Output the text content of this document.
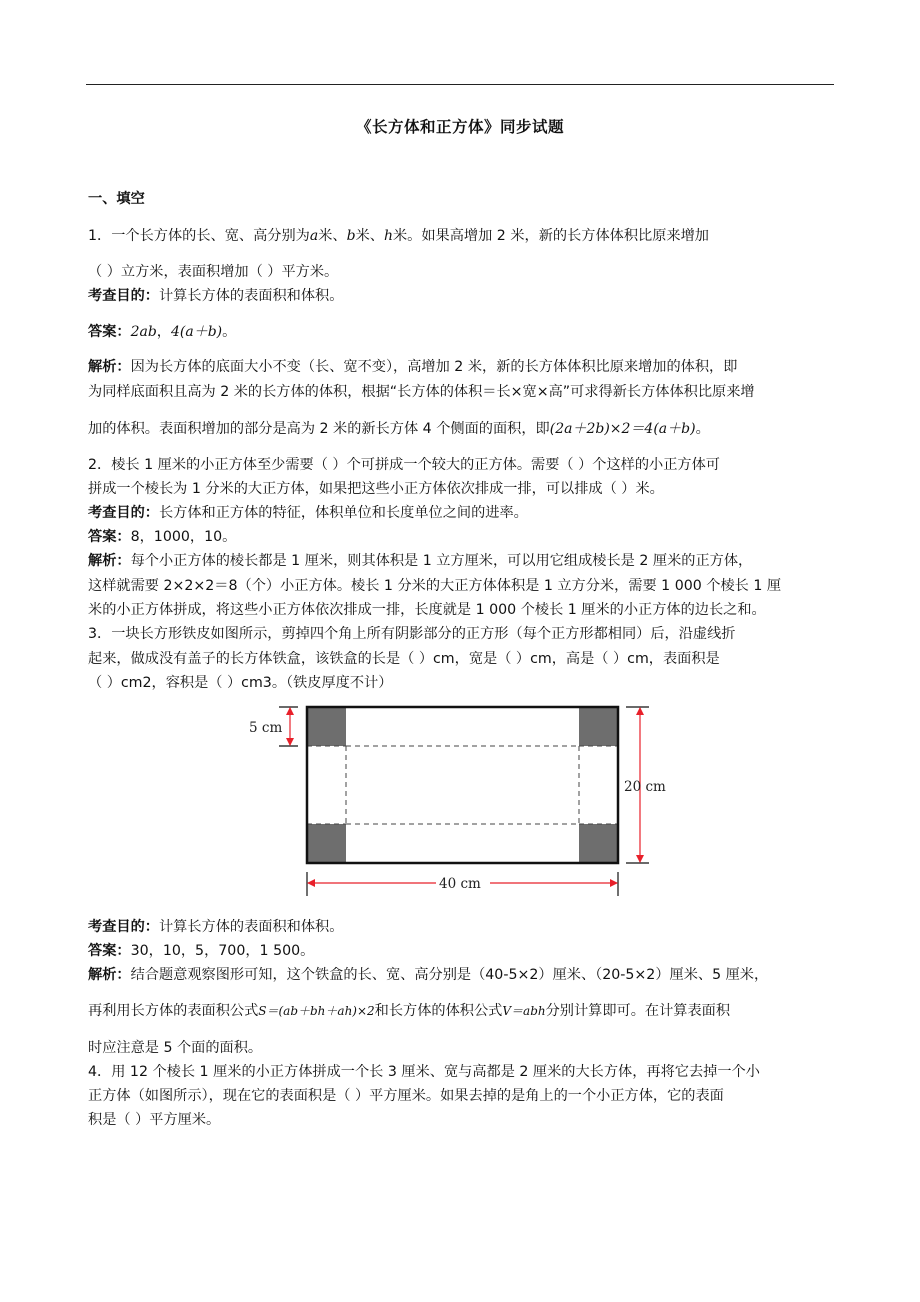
《长方体和正方体》同步试题
一、填空
1．一个长方体的长、宽、高分别为a米、b米、h米。如果高增加 2 米，新的长方体体积比原来增加
（ ）立方米，表面积增加（ ）平方米。
考查目的：计算长方体的表面积和体积。
答案：2ab，4(a＋b)。
解析：因为长方体的底面大小不变（长、宽不变），高增加 2 米，新的长方体体积比原来增加的体积，即
为同样底面积且高为 2 米的长方体的体积，根据“长方体的体积＝长×宽×高”可求得新长方体体积比原来增
加的体积。表面积增加的部分是高为 2 米的新长方体 4 个侧面的面积，即(2a＋2b)×2＝4(a＋b)。
2．棱长 1 厘米的小正方体至少需要（ ）个可拼成一个较大的正方体。需要（ ）个这样的小正方体可
拼成一个棱长为 1 分米的大正方体，如果把这些小正方体依次排成一排，可以排成（ ）米。
考查目的：长方体和正方体的特征，体积单位和长度单位之间的进率。
答案：8，1000，10。
解析：每个小正方体的棱长都是 1 厘米，则其体积是 1 立方厘米，可以用它组成棱长是 2 厘米的正方体，
这样就需要 2×2×2＝8（个）小正方体。棱长 1 分米的大正方体体积是 1 立方分米，需要 1 000 个棱长 1 厘
米的小正方体拼成，将这些小正方体依次排成一排，长度就是 1 000 个棱长 1 厘米的小正方体的边长之和。
3．一块长方形铁皮如图所示，剪掉四个角上所有阴影部分的正方形（每个正方形都相同）后，沿虚线折
起来，做成没有盖子的长方体铁盒，该铁盒的长是（ ）cm，宽是（ ）cm，高是（ ）cm，表面积是
（ ）cm2，容积是（ ）cm3。（铁皮厚度不计）
5 cm
20 cm
40 cm
考查目的：计算长方体的表面积和体积。
答案：30，10，5，700，1 500。
解析：结合题意观察图形可知，这个铁盒的长、宽、高分别是（40-5×2）厘米、（20-5×2）厘米、5 厘米，
再利用长方体的表面积公式S＝(ab＋bh＋ah)×2和长方体的体积公式V＝abh分别计算即可。在计算表面积
时应注意是 5 个面的面积。
4．用 12 个棱长 1 厘米的小正方体拼成一个长 3 厘米、宽与高都是 2 厘米的大长方体，再将它去掉一个小
正方体（如图所示），现在它的表面积是（ ）平方厘米。如果去掉的是角上的一个小正方体，它的表面
积是（ ）平方厘米。
